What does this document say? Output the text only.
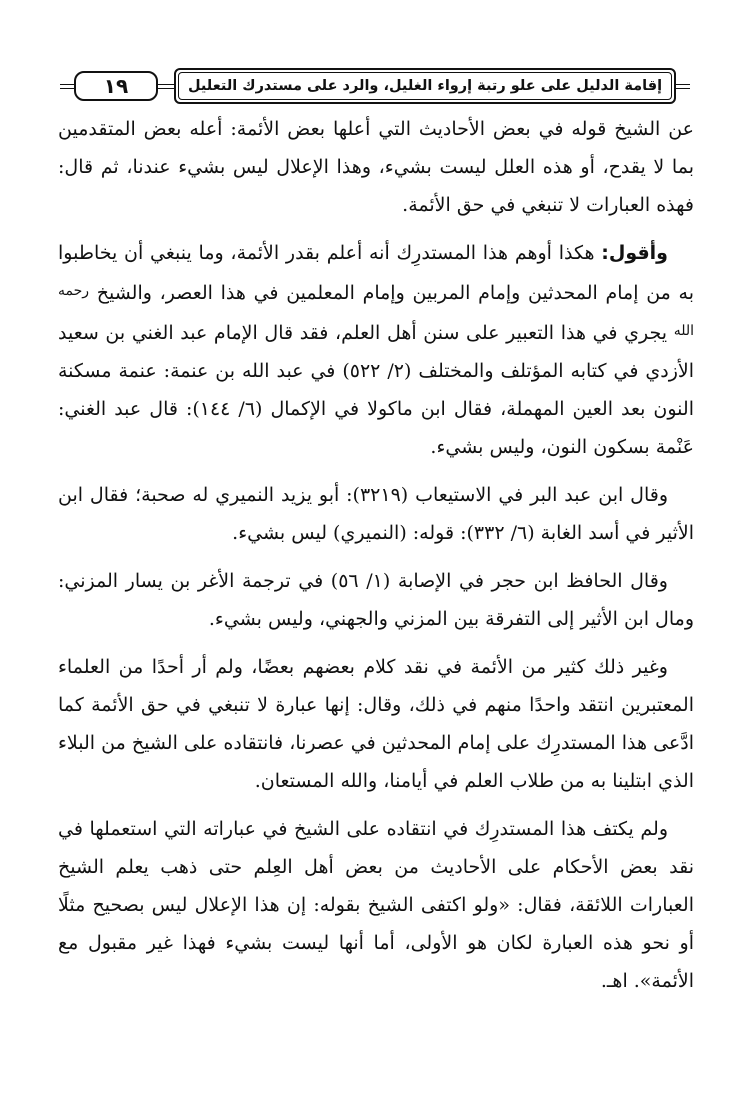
١٩	إقامة الدليل على علو رتبة إرواء الغليل، والرد على مستدرك التعليل

عن الشيخ قوله في بعض الأحاديث التي أعلها بعض الأئمة: أعله بعض المتقدمين بما لا يقدح، أو هذه العلل ليست بشيء، وهذا الإعلال ليس بشيء عندنا، ثم قال: فهذه العبارات لا تنبغي في حق الأئمة.

وأقول: هكذا أوهم هذا المستدرِك أنه أعلم بقدر الأئمة، وما ينبغي أن يخاطبوا به من إمام المحدثين وإمام المربين وإمام المعلمين في هذا العصر، والشيخ $^{رحمه الله}$ يجري في هذا التعبير على سنن أهل العلم، فقد قال الإمام عبد الغني بن سعيد الأزدي في كتابه المؤتلف والمختلف (٢/ ٥٢٢) في عبد الله بن عنمة: عنمة مسكنة النون بعد العين المهملة، فقال ابن ماكولا في الإكمال (٦/ ١٤٤): قال عبد الغني: عَنْمة بسكون النون، وليس بشيء.

وقال ابن عبد البر في الاستيعاب (٣٢١٩): أبو يزيد النميري له صحبة؛ فقال ابن الأثير في أسد الغابة (٦/ ٣٣٢): قوله: (النميري) ليس بشيء.

وقال الحافظ ابن حجر في الإصابة (١/ ٥٦) في ترجمة الأغر بن يسار المزني: ومال ابن الأثير إلى التفرقة بين المزني والجهني، وليس بشيء.

وغير ذلك كثير من الأئمة في نقد كلام بعضهم بعضًا، ولم أر أحدًا من العلماء المعتبرين انتقد واحدًا منهم في ذلك، وقال: إنها عبارة لا تنبغي في حق الأئمة كما ادَّعى هذا المستدرِك على إمام المحدثين في عصرنا، فانتقاده على الشيخ من البلاء الذي ابتلينا به من طلاب العلم في أيامنا، والله المستعان.

ولم يكتف هذا المستدرِك في انتقاده على الشيخ في عباراته التي استعملها في نقد بعض الأحكام على الأحاديث من بعض أهل العِلم حتى ذهب يعلم الشيخ العبارات اللائقة، فقال: «ولو اكتفى الشيخ بقوله: إن هذا الإعلال ليس بصحيح مثلًا أو نحو هذه العبارة لكان هو الأولى، أما أنها ليست بشيء فهذا غير مقبول مع الأئمة». اهـ.
